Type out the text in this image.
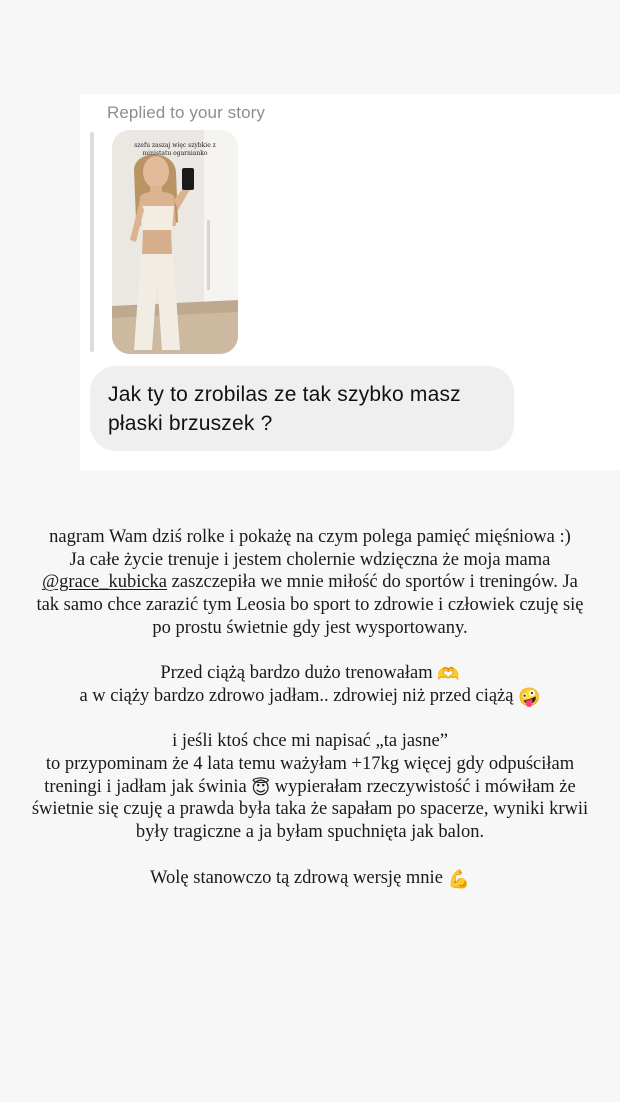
Replied to your story
szefu zaszaj więc szybkie z ministatu ogarnianko
Jak ty to zrobilas ze tak szybko masz płaski brzuszek ?

nagram Wam dziś rolke i pokażę na czym polega pamięć mięśniowa :)

Ja całe życie trenuje i jestem cholernie wdzięczna że moja mama @grace_kubicka zaszczepiła we mnie miłość do sportów i treningów. Ja tak samo chce zarazić tym Leosia bo sport to zdrowie i człowiek czuję się po prostu świetnie gdy jest wysportowany.

Przed ciążą bardzo dużo trenowałam 🫶

a w ciąży bardzo zdrowo jadłam.. zdrowiej niż przed ciążą 🤪

i jeśli ktoś chce mi napisać „ta jasne”

to przypominam że 4 lata temu ważyłam +17kg więcej gdy odpuściłam treningi i jadłam jak świnia 😇 wypierałam rzeczywistość i mówiłam że świetnie się czuję a prawda była taka że sapałam po spacerze, wyniki krwii były tragiczne a ja byłam spuchnięta jak balon.

Wolę stanowczo tą zdrową wersję mnie 💪
